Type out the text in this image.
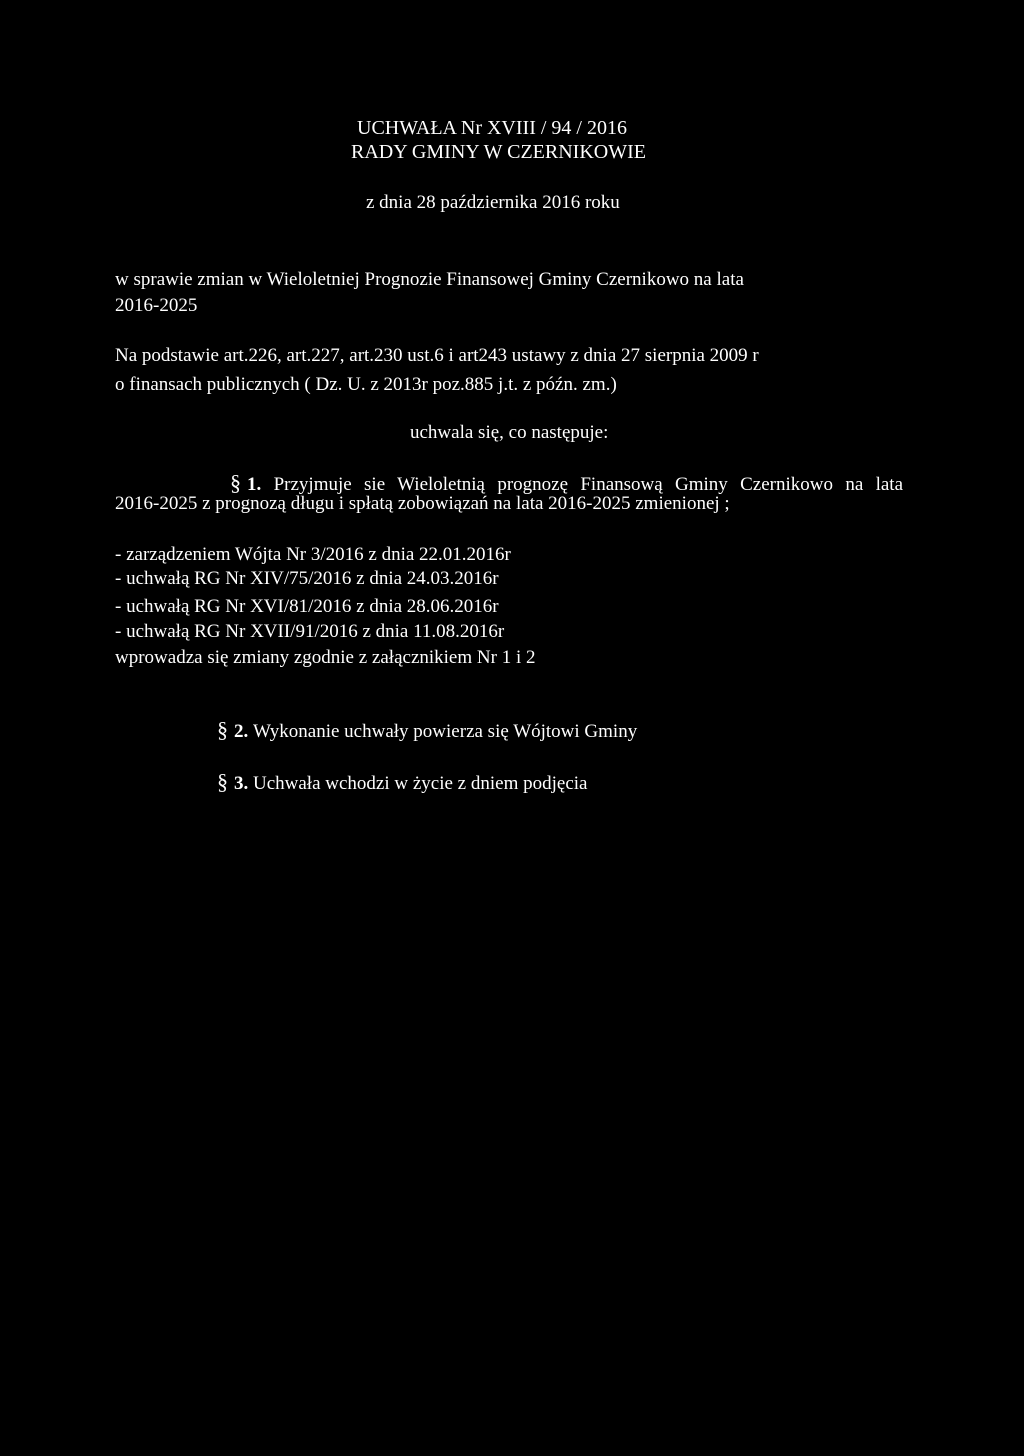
UCHWAŁA Nr XVIII / 94 / 2016
RADY GMINY W CZERNIKOWIE
z dnia 28 października 2016 roku
w sprawie zmian w Wieloletniej Prognozie Finansowej Gminy Czernikowo na lata
2016-2025
Na podstawie art.226, art.227, art.230 ust.6 i art243 ustawy z dnia 27 sierpnia 2009 r
o finansach publicznych ( Dz. U. z 2013r poz.885 j.t. z późn. zm.)
uchwala się, co następuje:
§ 1. Przyjmuje sie Wieloletnią prognozę Finansową Gminy Czernikowo na lata
2016-2025 z prognozą długu i spłatą zobowiązań na lata 2016-2025 zmienionej ;
- zarządzeniem Wójta Nr 3/2016 z dnia 22.01.2016r
- uchwałą RG Nr XIV/75/2016 z dnia 24.03.2016r
- uchwałą RG Nr XVI/81/2016 z dnia 28.06.2016r
- uchwałą RG Nr XVII/91/2016 z dnia 11.08.2016r
wprowadza się zmiany zgodnie z załącznikiem Nr 1 i 2
§ 2. Wykonanie uchwały powierza się Wójtowi Gminy
§ 3. Uchwała wchodzi w życie z dniem podjęcia
